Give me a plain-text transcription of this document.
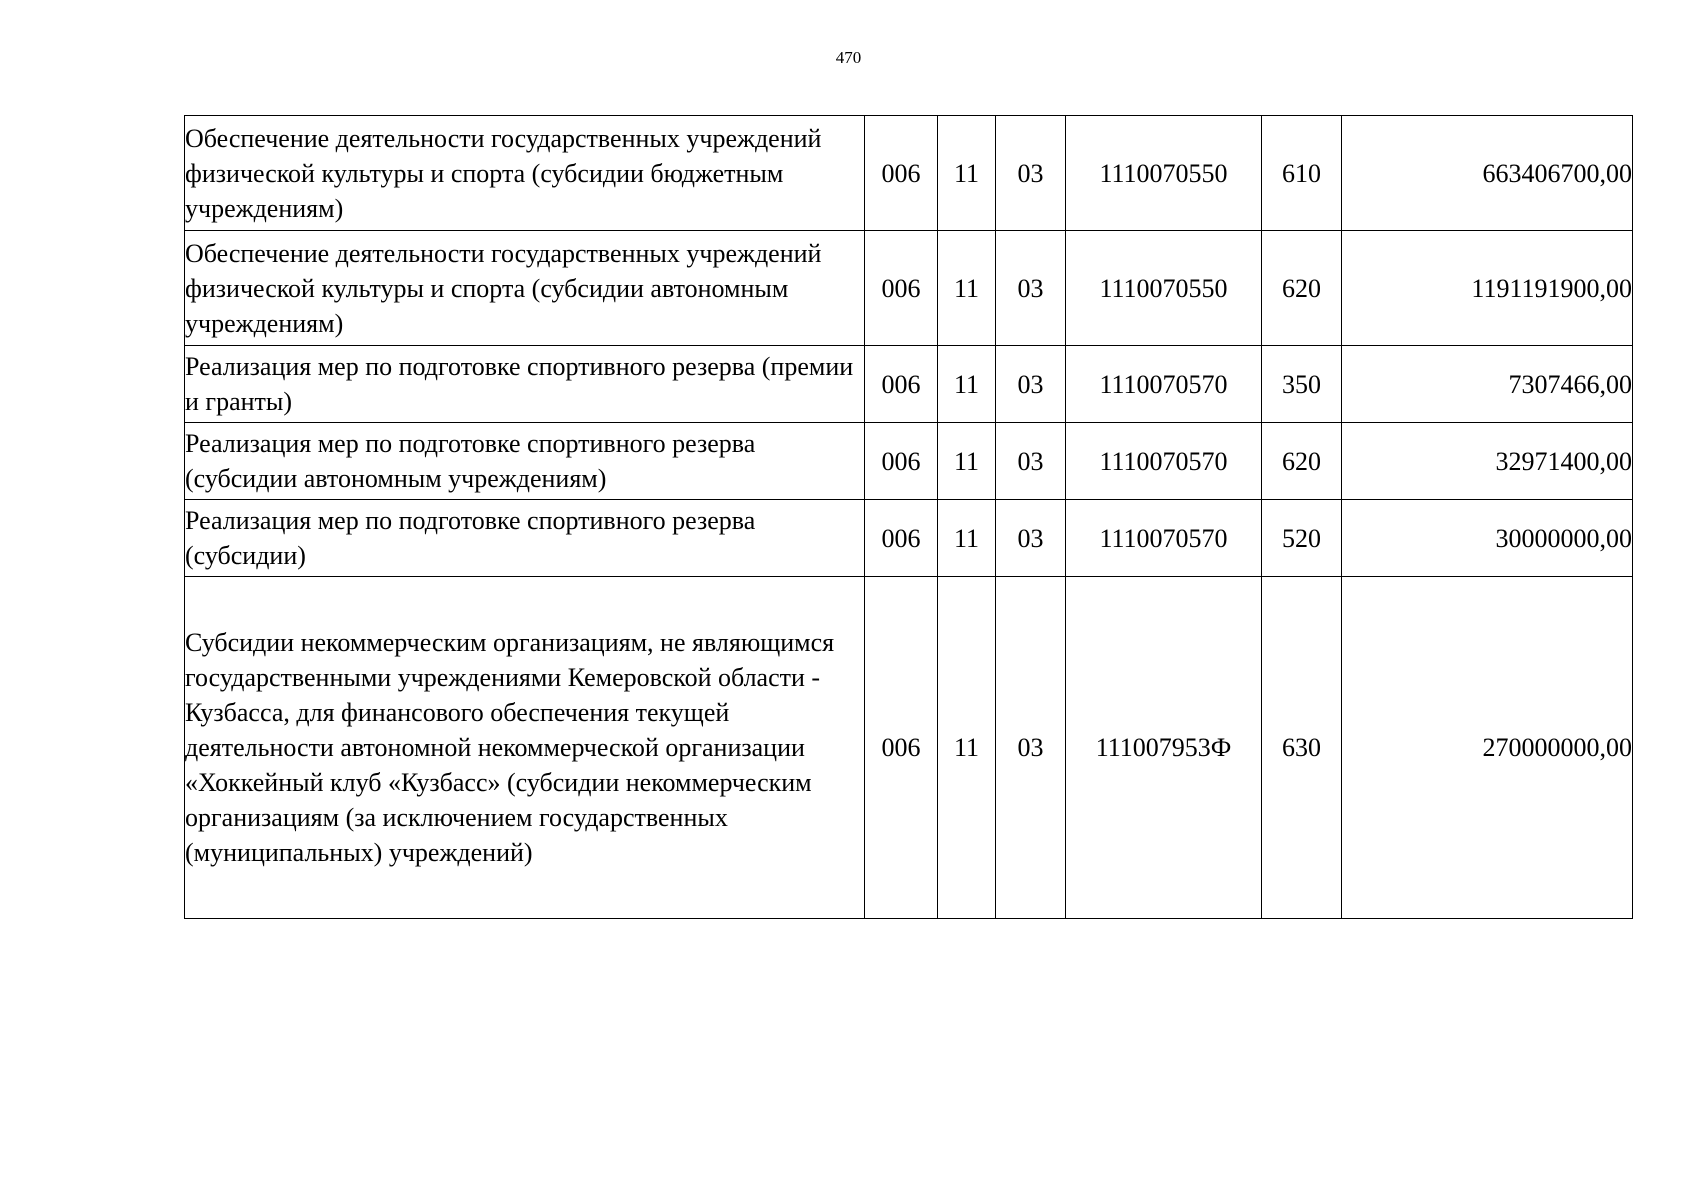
470
Обеспечение деятельности государственных учреждений физической культуры и спорта (субсидии бюджетным учреждениям)	006	11	03	1110070550	610	663406700,00
Обеспечение деятельности государственных учреждений физической культуры и спорта (субсидии автономным учреждениям)	006	11	03	1110070550	620	1191191900,00
Реализация мер по подготовке спортивного резерва (премии и гранты)	006	11	03	1110070570	350	7307466,00
Реализация мер по подготовке спортивного резерва (субсидии автономным учреждениям)	006	11	03	1110070570	620	32971400,00
Реализация мер по подготовке спортивного резерва (субсидии)	006	11	03	1110070570	520	30000000,00
Субсидии некоммерческим организациям, не являющимся государственными учреждениями Кемеровской области - Кузбасса, для финансового обеспечения текущей деятельности автономной некоммерческой организации «Хоккейный клуб «Кузбасс» (субсидии некоммерческим организациям (за исключением государственных (муниципальных) учреждений)	006	11	03	111007953Ф	630	270000000,00
